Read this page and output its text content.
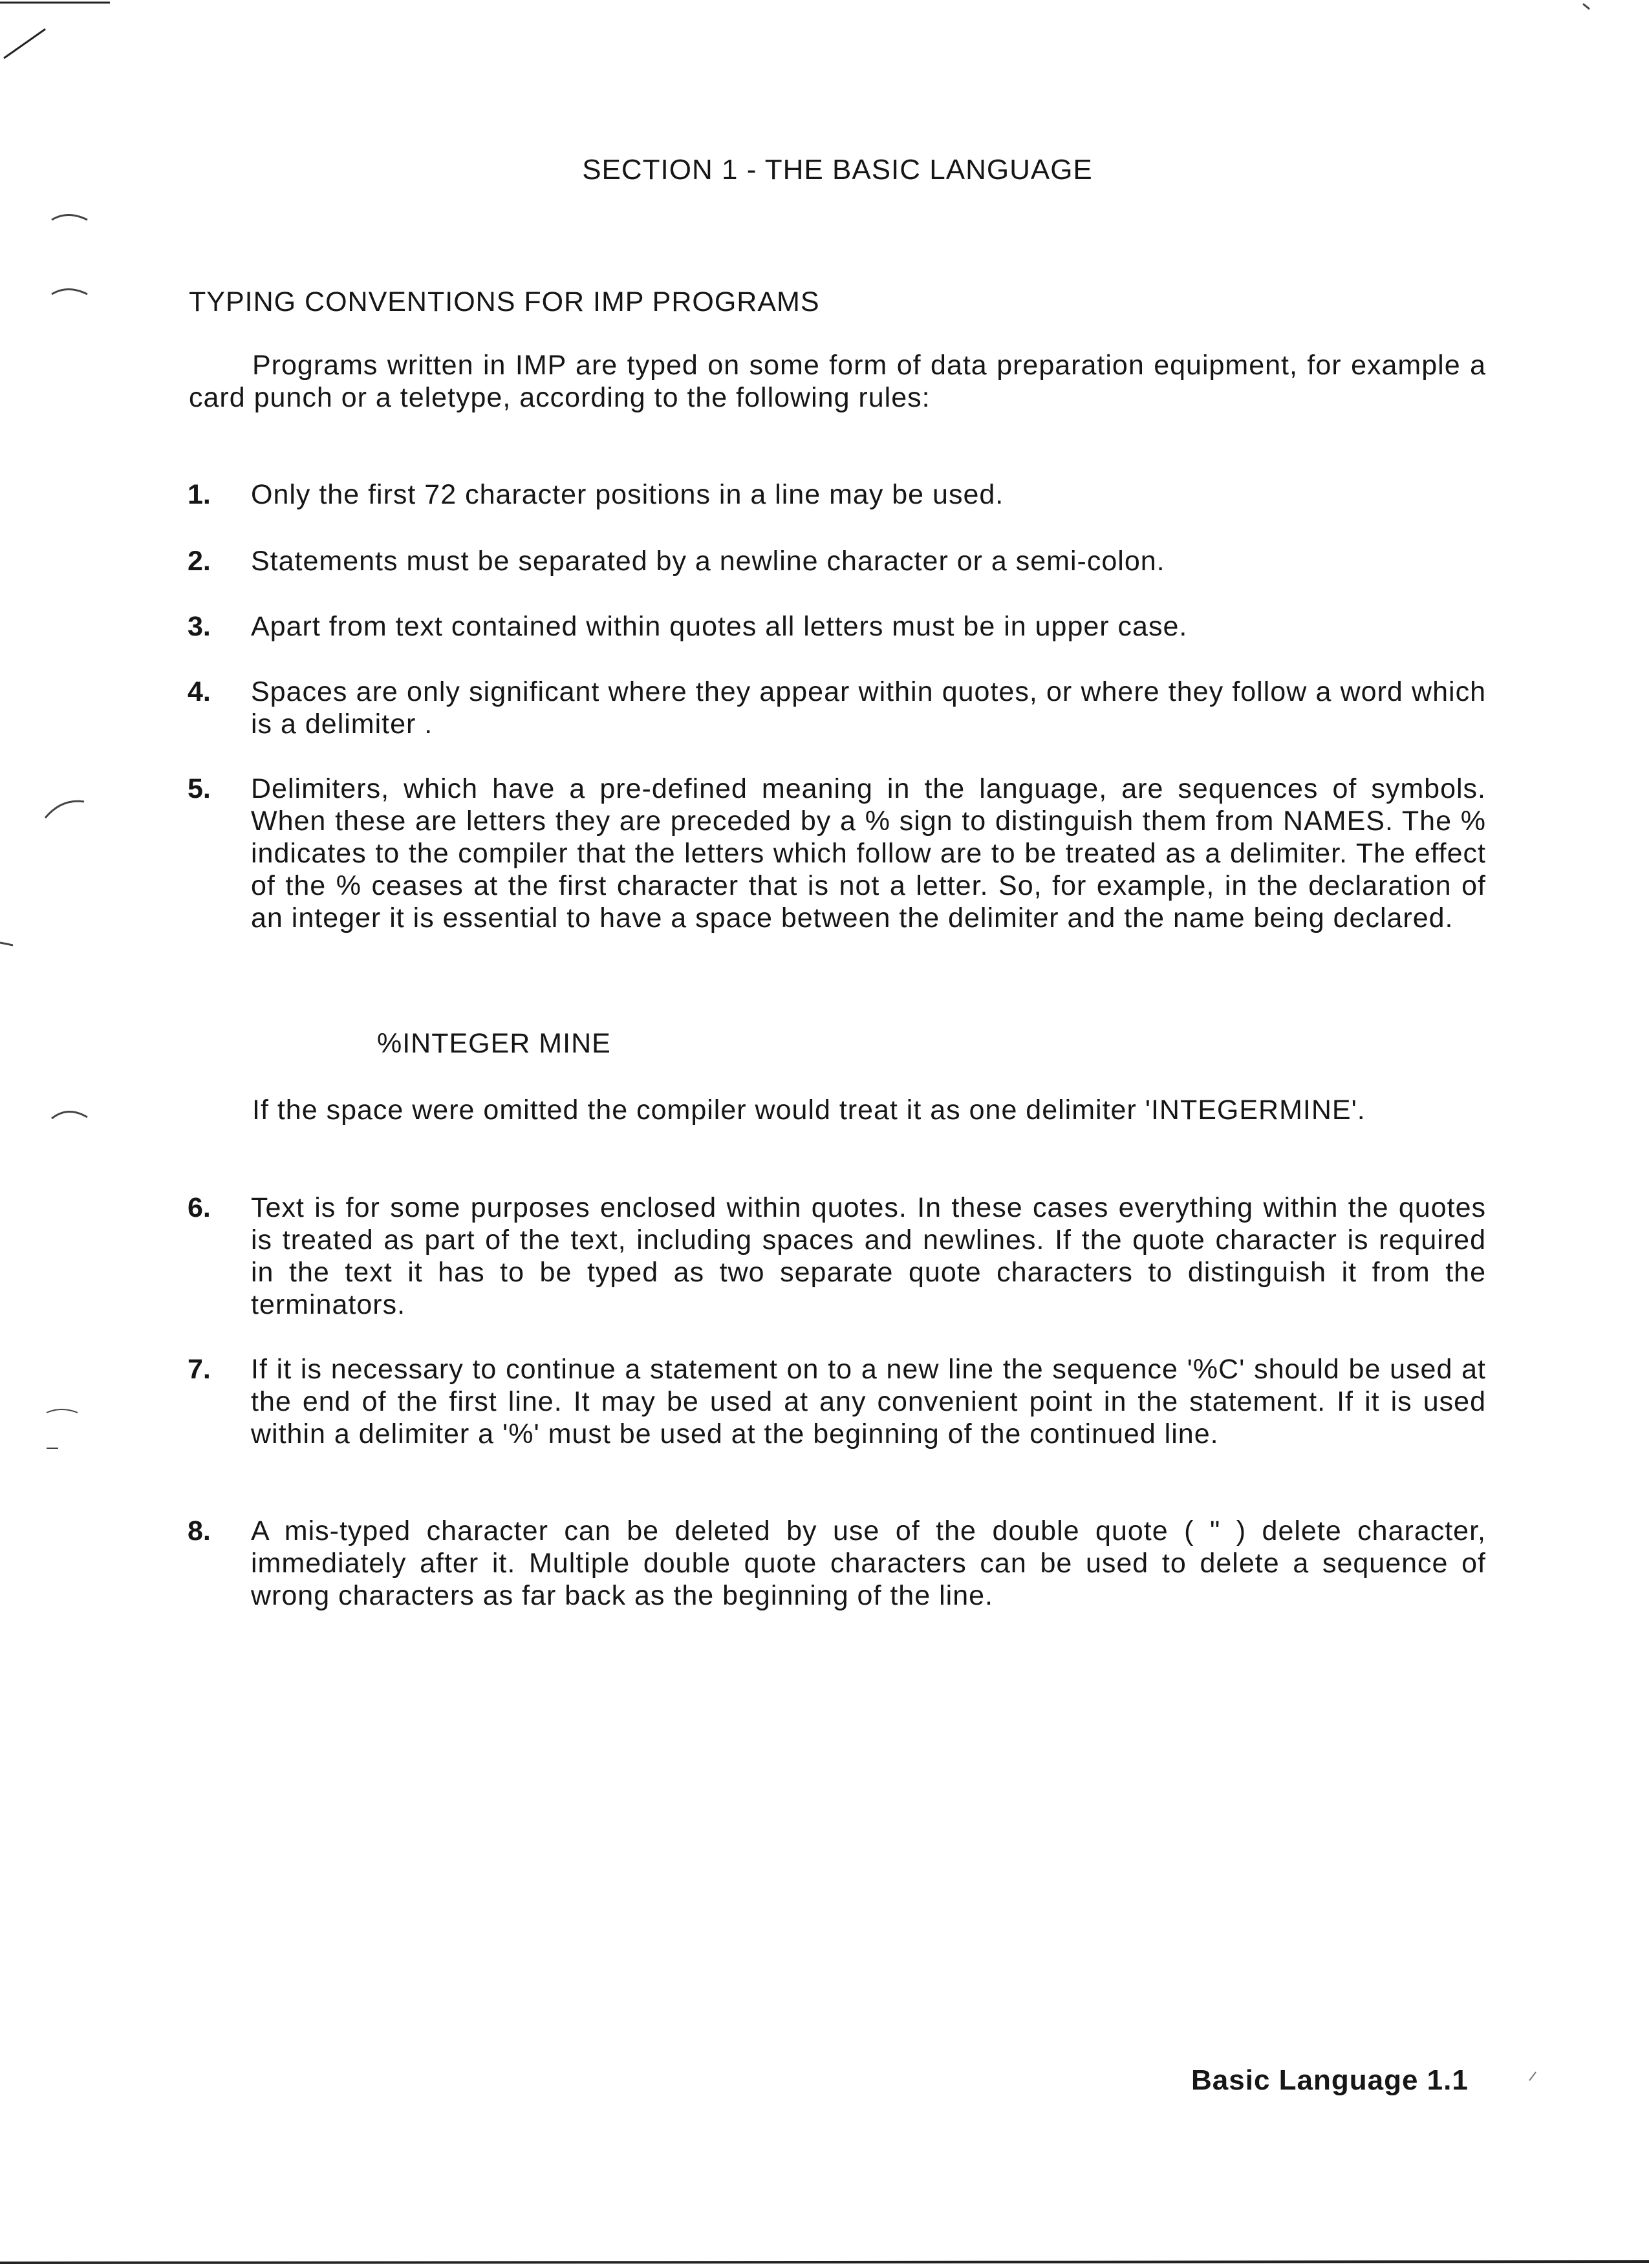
SECTION 1 - THE BASIC LANGUAGE
TYPING CONVENTIONS FOR IMP PROGRAMS

Programs written in IMP are typed on some form of data preparation equipment, for example a card punch or a teletype, according to the following rules:

1. Only the first 72 character positions in a line may be used.

2. Statements must be separated by a newline character or a semi-colon.

3. Apart from text contained within quotes all letters must be in upper case.

4. Spaces are only significant where they appear within quotes, or where they follow a word which is a delimiter .

5. Delimiters, which have a pre-defined meaning in the language, are sequences of symbols. When these are letters they are preceded by a % sign to distinguish them from NAMES. The % indicates to the compiler that the letters which follow are to be treated as a delimiter. The effect of the % ceases at the first character that is not a letter. So, for example, in the declaration of an integer it is essential to have a space between the delimiter and the name being declared.

%INTEGER MINE

If the space were omitted the compiler would treat it as one delimiter 'INTEGERMINE'.

6. Text is for some purposes enclosed within quotes. In these cases everything within the quotes is treated as part of the text, including spaces and newlines. If the quote character is required in the text it has to be typed as two separate quote characters to distinguish it from the terminators.

7. If it is necessary to continue a statement on to a new line the sequence '%C' should be used at the end of the first line. It may be used at any convenient point in the statement. If it is used within a delimiter a '%' must be used at the beginning of the continued line.

8. A mis-typed character can be deleted by use of the double quote ( " ) delete character, immediately after it. Multiple double quote characters can be used to delete a sequence of wrong characters as far back as the beginning of the line.

Basic Language 1.1
